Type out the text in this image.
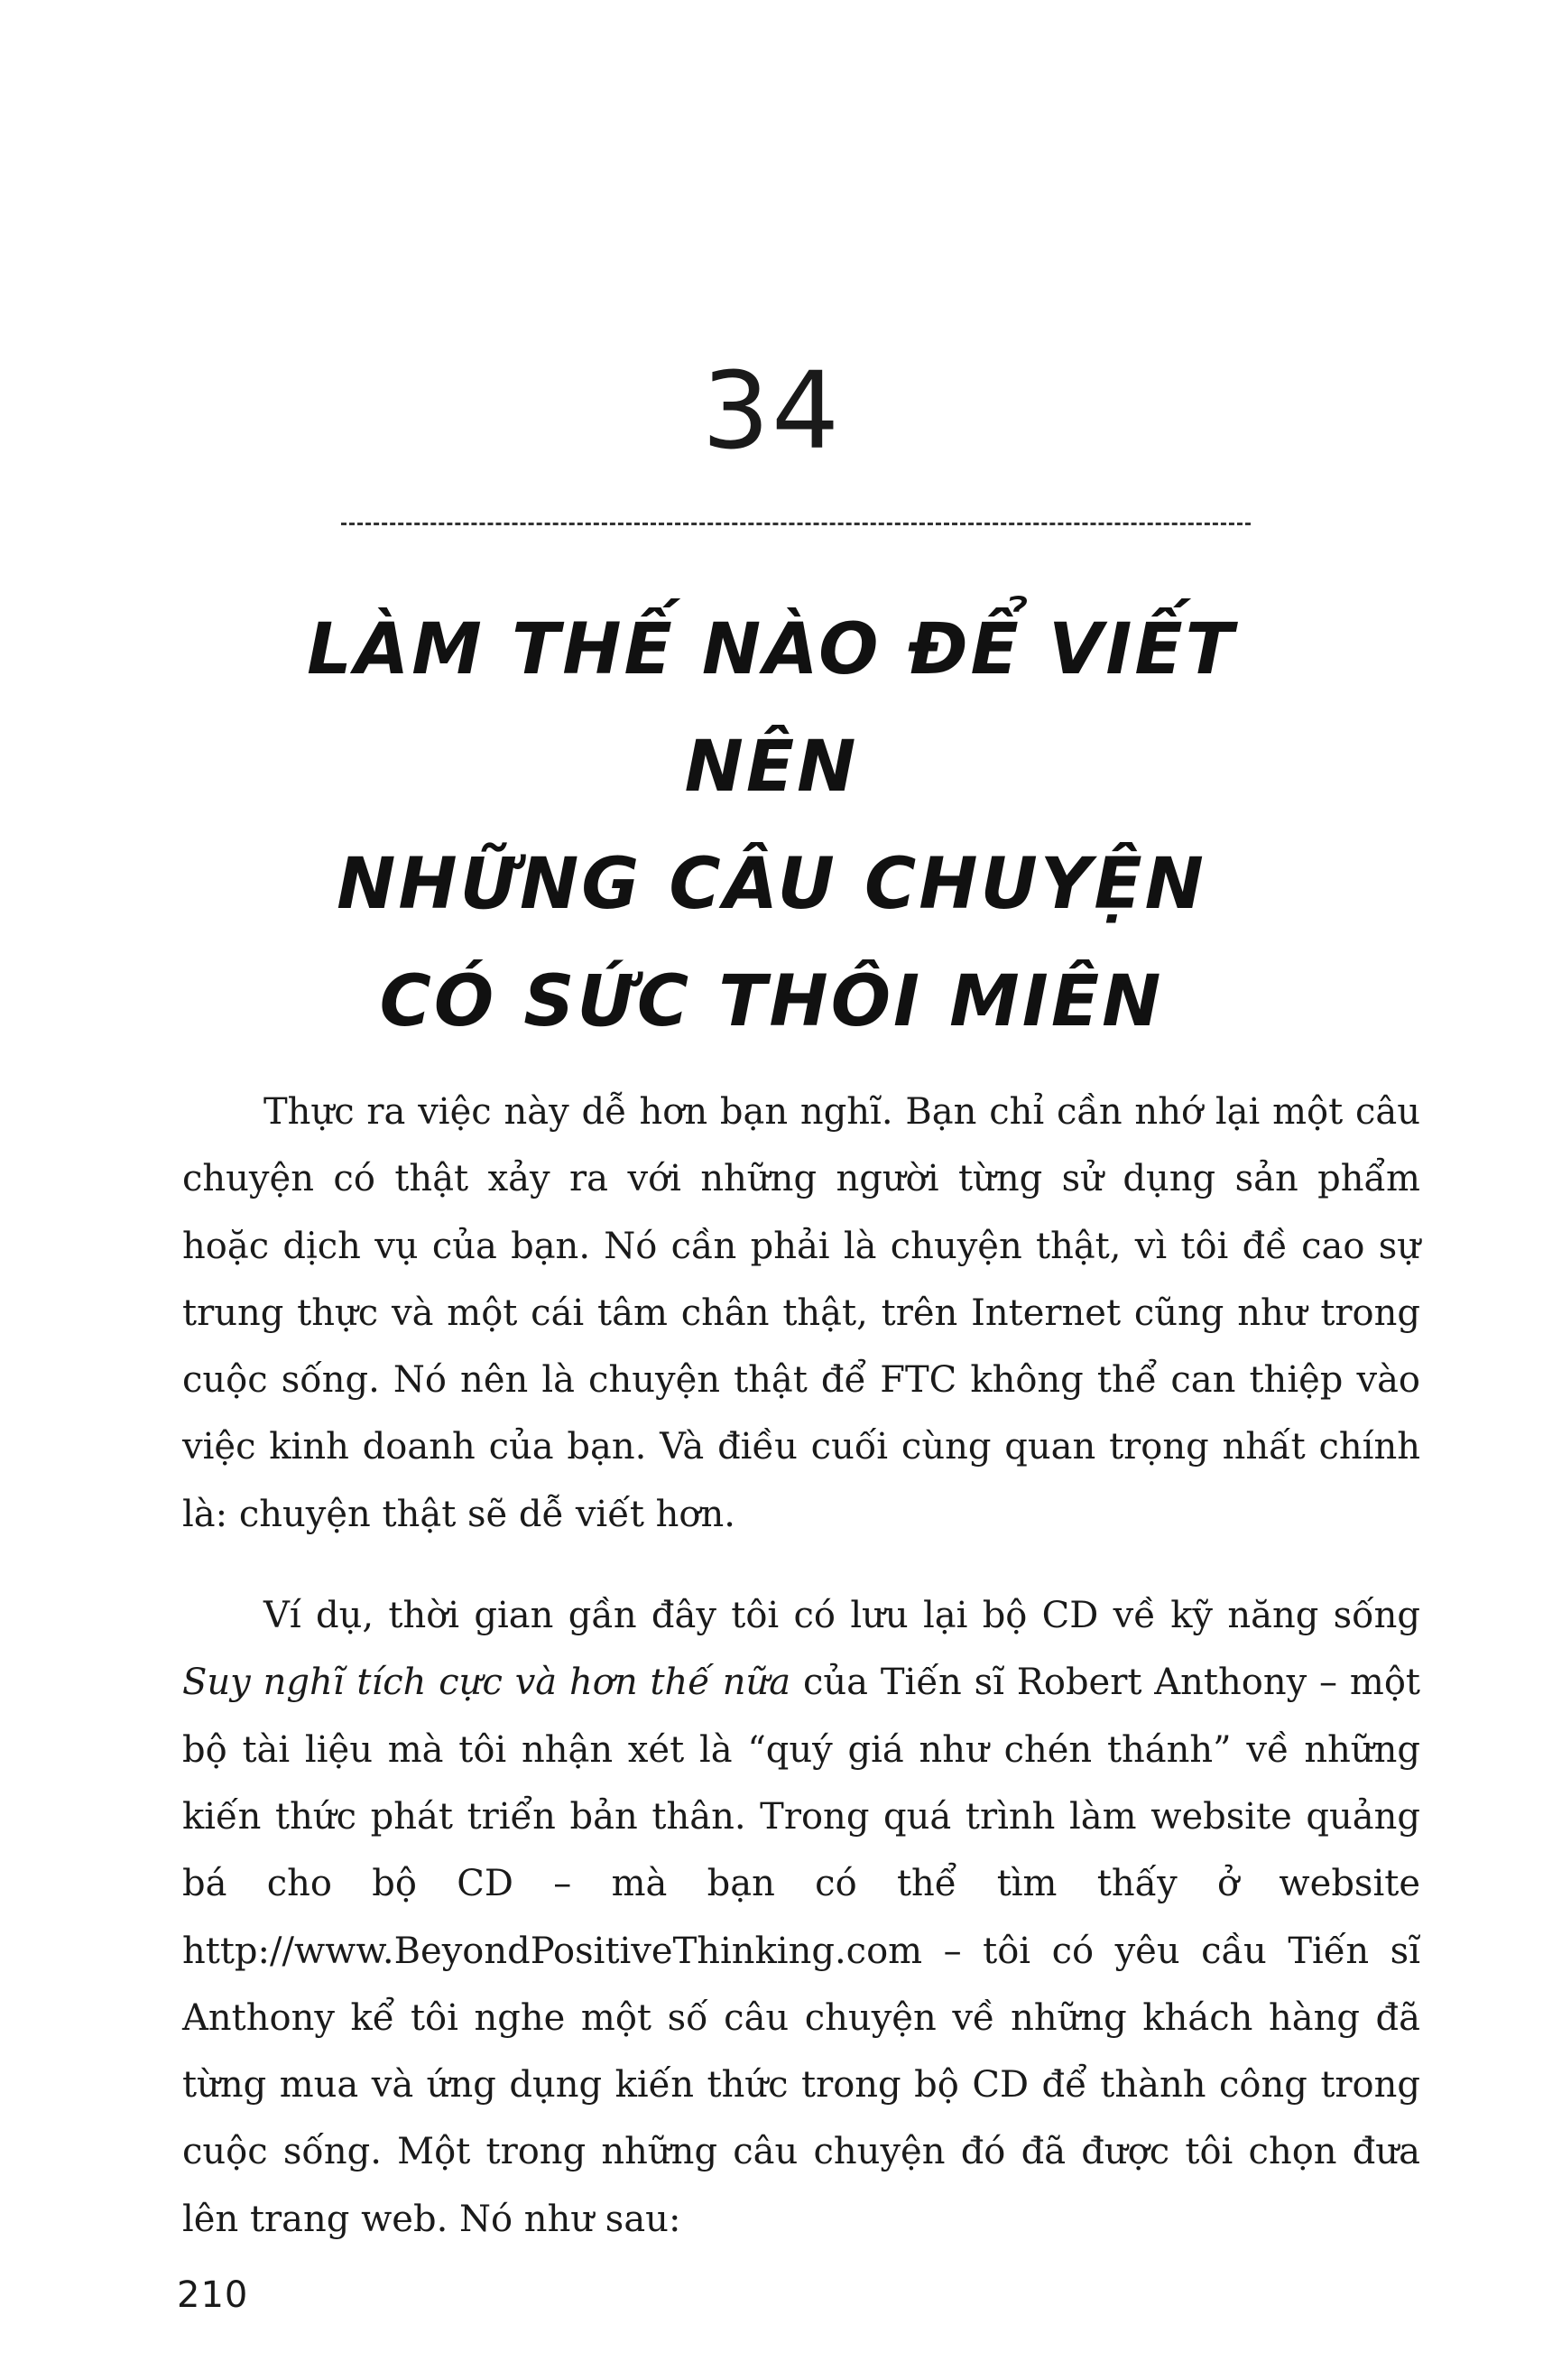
34
LÀM THẾ NÀO ĐỂ VIẾT NÊN
NHỮNG CÂU CHUYỆN
CÓ SỨC THÔI MIÊN

Thực ra việc này dễ hơn bạn nghĩ. Bạn chỉ cần nhớ lại một câu chuyện có thật xảy ra với những người từng sử dụng sản phẩm hoặc dịch vụ của bạn. Nó cần phải là chuyện thật, vì tôi đề cao sự trung thực và một cái tâm chân thật, trên Internet cũng như trong cuộc sống. Nó nên là chuyện thật để FTC không thể can thiệp vào việc kinh doanh của bạn. Và điều cuối cùng quan trọng nhất chính là: chuyện thật sẽ dễ viết hơn.

Ví dụ, thời gian gần đây tôi có lưu lại bộ CD về kỹ năng sống Suy nghĩ tích cực và hơn thế nữa của Tiến sĩ Robert Anthony – một bộ tài liệu mà tôi nhận xét là “quý giá như chén thánh” về những kiến thức phát triển bản thân. Trong quá trình làm website quảng bá cho bộ CD – mà bạn có thể tìm thấy ở website http://www.BeyondPositiveThinking.com – tôi có yêu cầu Tiến sĩ Anthony kể tôi nghe một số câu chuyện về những khách hàng đã từng mua và ứng dụng kiến thức trong bộ CD để thành công trong cuộc sống. Một trong những câu chuyện đó đã được tôi chọn đưa lên trang web. Nó như sau:

210
